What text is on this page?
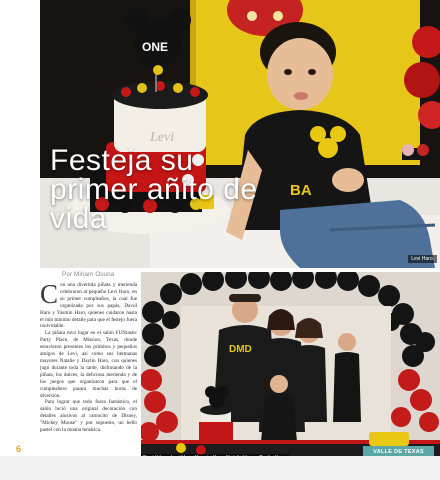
Levi
ONE
BA
Festeja su primer añito de vida
Levi Haro.
Por Miriam Osuna

Con una divertida piñata y merienda celebraron al pequeño Levi Haro, en su primer cumpleaños, la cual fue organizada por sus papás, David Haro y Yasmin Haro, quienes cuidaron hasta el mín mínimo detalle para que el festejo fuera inolvidable.

La piñata tuvo lugar en el salón FUNtastic Party Place, de Mission, Texas, donde estuvieron presentes los primitos y pequeños amigos de Levi, así como sus hermanas mayores Natalie y Daylin Haro, con quienes jugó durante toda la tarde, disfrutando de la piñata, los dulces, la deliciosa merienda y de los juegos que organizaron para que el cumpleañero pasara muchas horas de diversión.

Para lograr que todo fuera fantástico, el salón lució una original decoración con detalles alusivos al ratoncito de Disney, "Mickey Mouse" y por supuesto, un bello pastel con la misma temática.

DMD
VALLE DE TEXAS
6
